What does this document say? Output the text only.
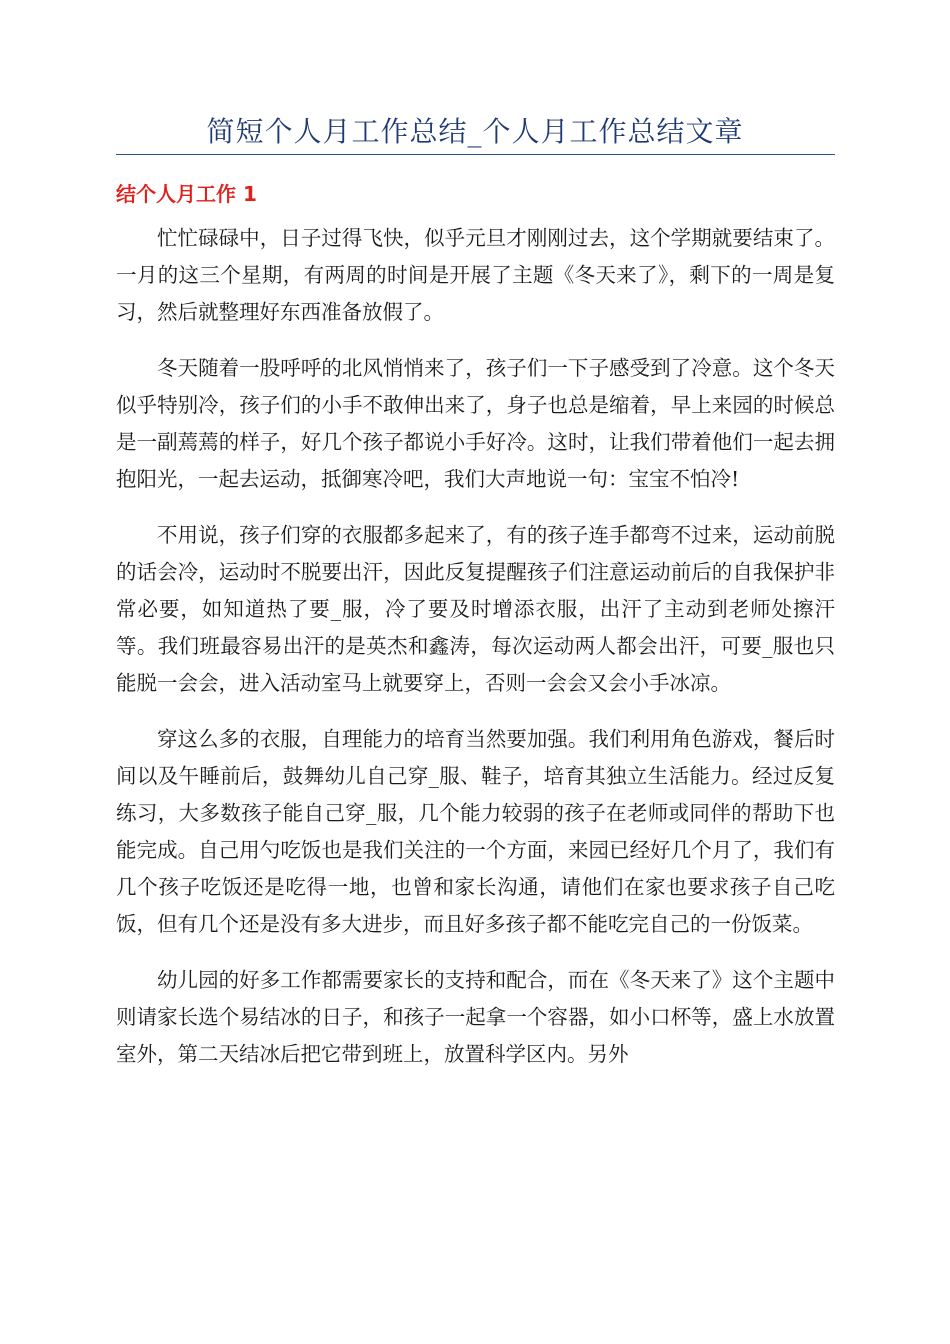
简短个人月工作总结_个人月工作总结文章
结个人月工作 1

忙忙碌碌中，日子过得飞快，似乎元旦才刚刚过去，这个学期就要结束了。一月的这三个星期，有两周的时间是开展了主题《冬天来了》，剩下的一周是复习，然后就整理好东西准备放假了。

冬天随着一股呼呼的北风悄悄来了，孩子们一下子感受到了冷意。这个冬天似乎特别冷，孩子们的小手不敢伸出来了，身子也总是缩着，早上来园的时候总是一副蔫蔫的样子，好几个孩子都说小手好冷。这时，让我们带着他们一起去拥抱阳光，一起去运动，抵御寒冷吧，我们大声地说一句：宝宝不怕冷!

不用说，孩子们穿的衣服都多起来了，有的孩子连手都弯不过来，运动前脱的话会冷，运动时不脱要出汗，因此反复提醒孩子们注意运动前后的自我保护非常必要，如知道热了要_服，冷了要及时增添衣服，出汗了主动到老师处擦汗等。我们班最容易出汗的是英杰和鑫涛，每次运动两人都会出汗，可要_服也只能脱一会会，进入活动室马上就要穿上，否则一会会又会小手冰凉。

穿这么多的衣服，自理能力的培育当然要加强。我们利用角色游戏，餐后时间以及午睡前后，鼓舞幼儿自己穿_服、鞋子，培育其独立生活能力。经过反复练习，大多数孩子能自己穿_服，几个能力较弱的孩子在老师或同伴的帮助下也能完成。自己用勺吃饭也是我们关注的一个方面，来园已经好几个月了，我们有几个孩子吃饭还是吃得一地，也曾和家长沟通，请他们在家也要求孩子自己吃饭，但有几个还是没有多大进步，而且好多孩子都不能吃完自己的一份饭菜。

幼儿园的好多工作都需要家长的支持和配合，而在《冬天来了》这个主题中则请家长选个易结冰的日子，和孩子一起拿一个容器，如小口杯等，盛上水放置室外，第二天结冰后把它带到班上，放置科学区内。另外
